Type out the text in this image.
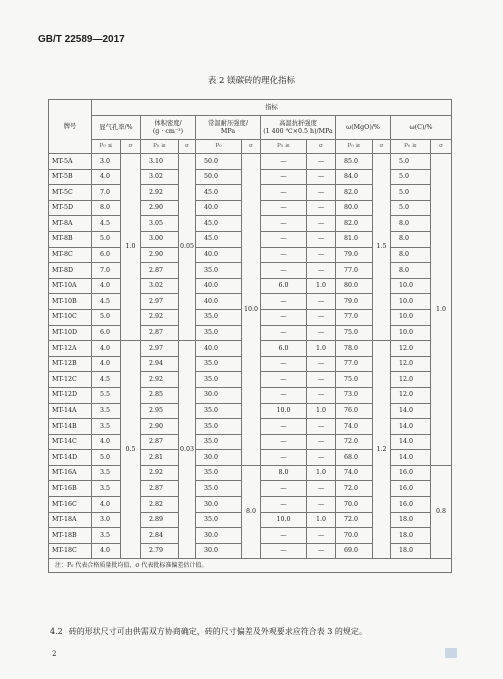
GB/T 22589—2017
表 2 镁碳砖的理化指标
牌号	指标											
	显气孔率/%		体积密度/
(g · cm⁻³)		常温耐压强度/
MPa		高温抗折强度
(1 400 ℃×0.5 h)/MPa		ω(MgO)/%		ω(C)/%	
	P₀ ≤	σ	P₀ ≥	σ	P₀	σ	P₀ ≥	σ	P₀ ≥	σ	P₀ ≥	σ
MT-5A	3.0	1.0	3.10	0.05	50.0	10.0	—	—	85.0	1.5	5.0	1.0
MT-5B	4.0		3.02		50.0		—	—	84.0		5.0	
MT-5C	7.0		2.92		45.0		—	—	82.0		5.0	
MT-5D	8.0		2.90		40.0		—	—	80.0		5.0	
MT-8A	4.5		3.05		45.0		—	—	82.0		8.0	
MT-8B	5.0		3.00		45.0		—	—	81.0		8.0	
MT-8C	6.0		2.90		40.0		—	—	79.0		8.0	
MT-8D	7.0		2.87		35.0		—	—	77.0		8.0	
MT-10A	4.0		3.02		40.0		6.0	1.0	80.0		10.0	
MT-10B	4.5		2.97		40.0		—	—	79.0		10.0	
MT-10C	5.0		2.92		35.0		—	—	77.0		10.0	
MT-10D	6.0		2.87		35.0		—	—	75.0		10.0	
MT-12A	4.0	0.5	2.97	0.03	40.0		6.0	1.0	78.0	1.2	12.0	
MT-12B	4.0		2.94		35.0		—	—	77.0		12.0	
MT-12C	4.5		2.92		35.0		—	—	75.0		12.0	
MT-12D	5.5		2.85		30.0		—	—	73.0		12.0	
MT-14A	3.5		2.95		35.0		10.0	1.0	76.0		14.0	
MT-14B	3.5		2.90		35.0		—	—	74.0		14.0	
MT-14C	4.0		2.87		35.0		—	—	72.0		14.0	
MT-14D	5.0		2.81		30.0		—	—	68.0		14.0	
MT-16A	3.5		2.92		35.0	8.0	8.0	1.0	74.0		16.0	0.8
MT-16B	3.5		2.87		35.0		—	—	72.0		16.0	
MT-16C	4.0		2.82		30.0		—	—	70.0		16.0	
MT-18A	3.0		2.89		35.0		10.0	1.0	72.0		18.0	
MT-18B	3.5		2.84		30.0		—	—	70.0		18.0	
MT-18C	4.0		2.79		30.0		—	—	69.0		18.0	
注：P₀ 代表合格质量批均值，σ 代表批标准偏差估计值。												
4.2 砖的形状尺寸可由供需双方协商确定，砖的尺寸偏差及外观要求应符合表 3 的规定。
2
